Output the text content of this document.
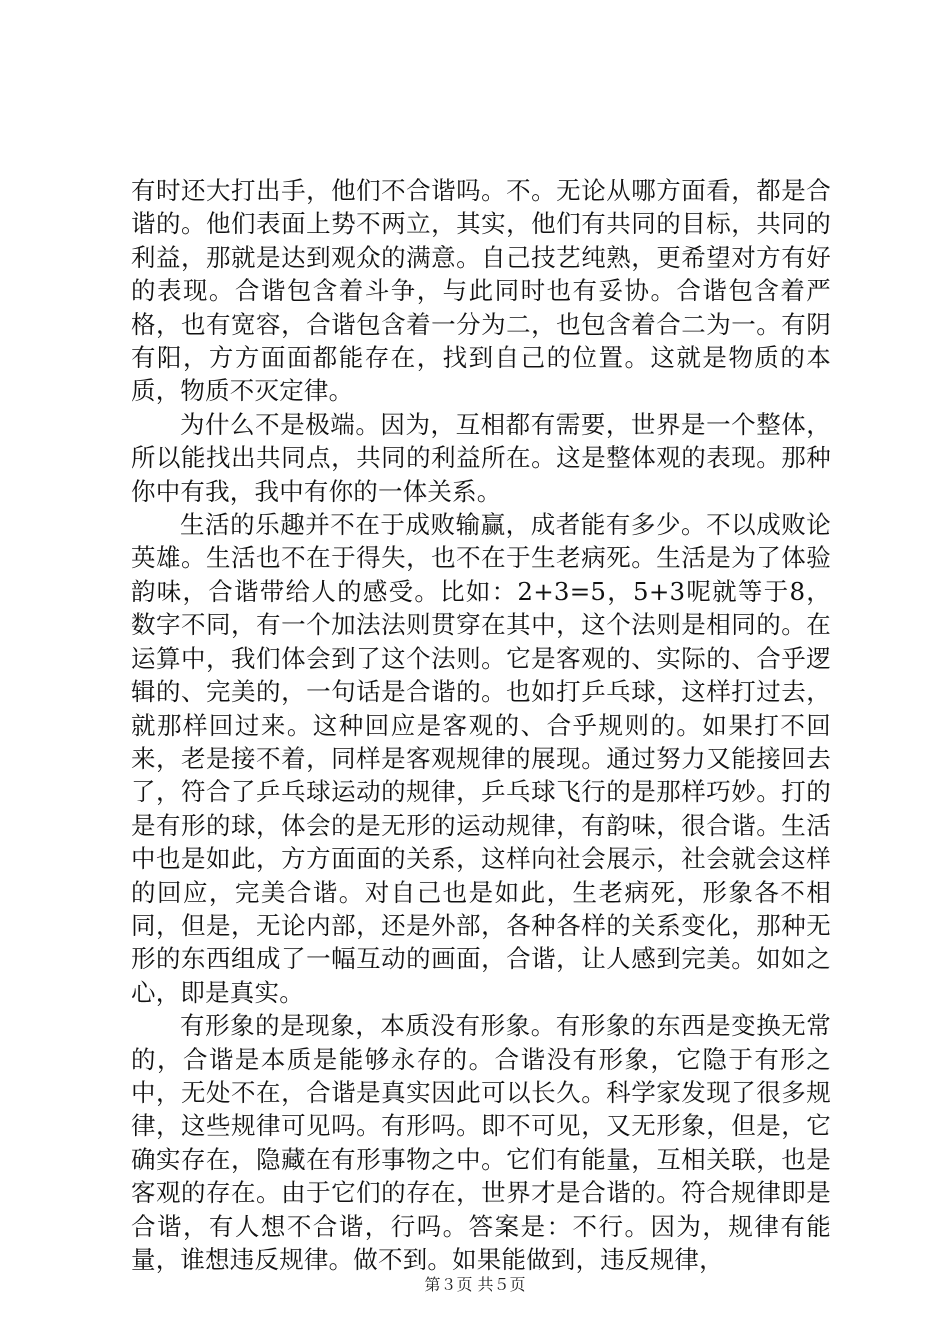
有时还大打出手，他们不合谐吗。不。无论从哪方面看，都是合谐的。他们表面上势不两立，其实，他们有共同的目标，共同的利益，那就是达到观众的满意。自己技艺纯熟，更希望对方有好的表现。合谐包含着斗争，与此同时也有妥协。合谐包含着严格，也有宽容，合谐包含着一分为二，也包含着合二为一。有阴有阳，方方面面都能存在，找到自己的位置。这就是物质的本质，物质不灭定律。

为什么不是极端。因为，互相都有需要，世界是一个整体，所以能找出共同点，共同的利益所在。这是整体观的表现。那种你中有我，我中有你的一体关系。

生活的乐趣并不在于成败输赢，成者能有多少。不以成败论英雄。生活也不在于得失，也不在于生老病死。生活是为了体验韵味，合谐带给人的感受。比如：2+3=5，5+3呢就等于8，数字不同，有一个加法法则贯穿在其中，这个法则是相同的。在运算中，我们体会到了这个法则。它是客观的、实际的、合乎逻辑的、完美的，一句话是合谐的。也如打乒乓球，这样打过去，就那样回过来。这种回应是客观的、合乎规则的。如果打不回来，老是接不着，同样是客观规律的展现。通过努力又能接回去了，符合了乒乓球运动的规律，乒乓球飞行的是那样巧妙。打的是有形的球，体会的是无形的运动规律，有韵味，很合谐。生活中也是如此，方方面面的关系，这样向社会展示，社会就会这样的回应，完美合谐。对自己也是如此，生老病死，形象各不相同，但是，无论内部，还是外部，各种各样的关系变化，那种无形的东西组成了一幅互动的画面，合谐，让人感到完美。如如之心，即是真实。

有形象的是现象，本质没有形象。有形象的东西是变换无常的，合谐是本质是能够永存的。合谐没有形象，它隐于有形之中，无处不在，合谐是真实因此可以长久。科学家发现了很多规律，这些规律可见吗。有形吗。即不可见，又无形象，但是，它确实存在，隐藏在有形事物之中。它们有能量，互相关联，也是客观的存在。由于它们的存在，世界才是合谐的。符合规律即是合谐，有人想不合谐，行吗。答案是：不行。因为，规律有能量，谁想违反规律。做不到。如果能做到，违反规律，

第３页 共５页
